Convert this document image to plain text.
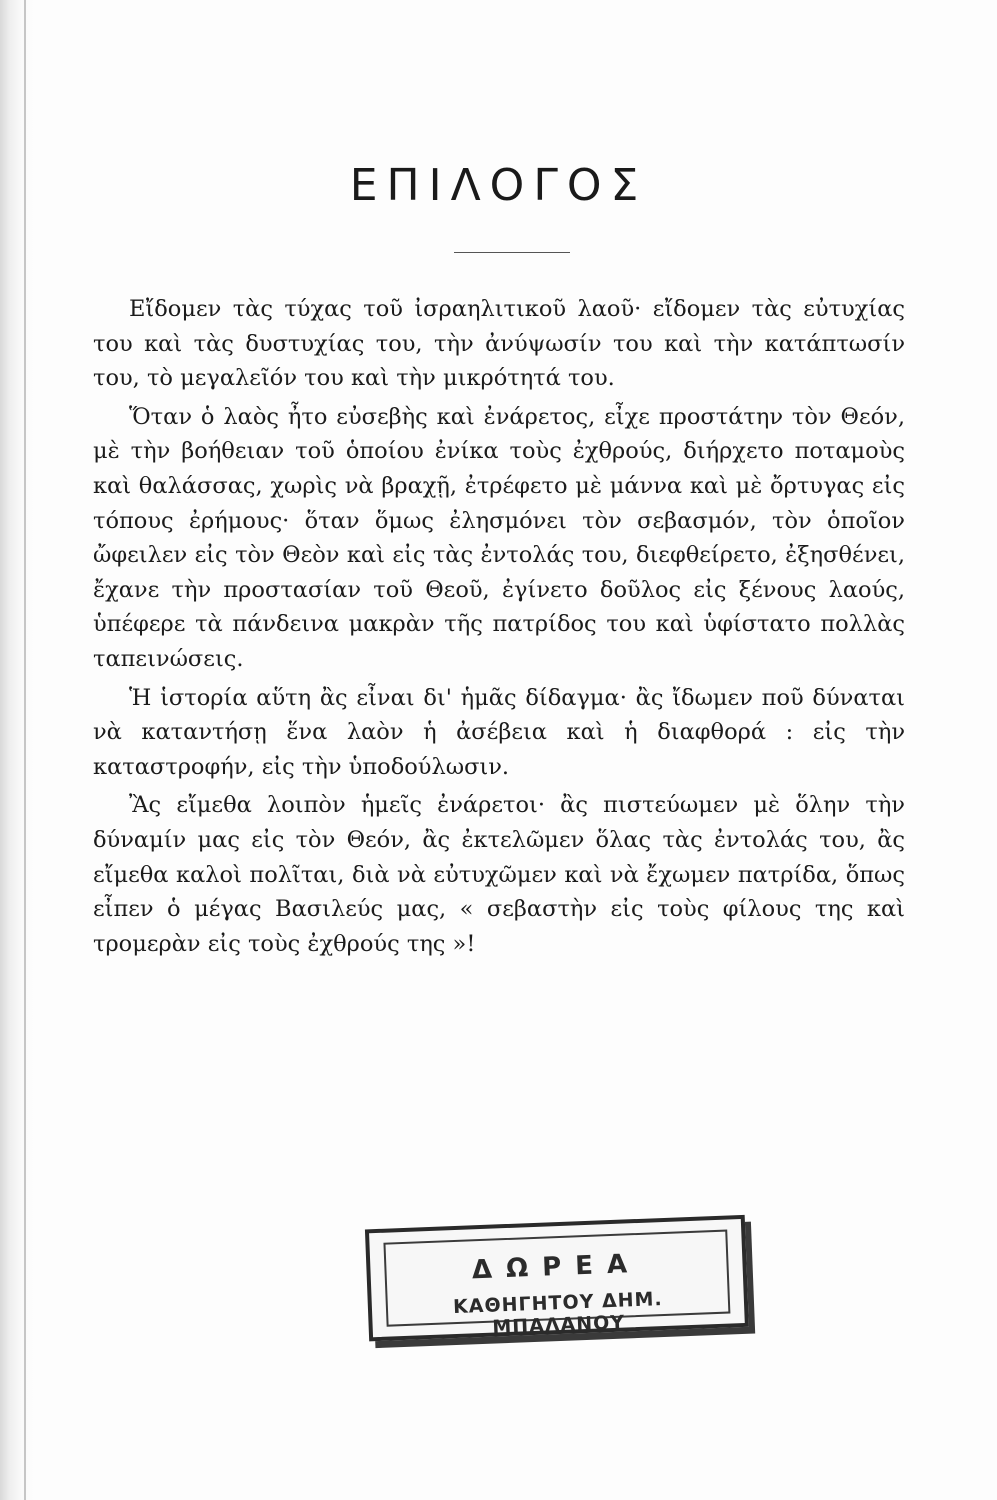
ΕΠΙΛΟΓΟΣ

Εἴδομεν τὰς τύχας τοῦ ἰσραηλιτικοῦ λαοῦ· εἴδομεν τὰς εὐτυχίας του καὶ τὰς δυστυχίας του, τὴν ἀνύψωσίν του καὶ τὴν κατάπτωσίν του, τὸ μεγαλεῖόν του καὶ τὴν μικρότητά του.

Ὅταν ὁ λαὸς ἦτο εὐσεβὴς καὶ ἐνάρετος, εἶχε προστάτην τὸν Θεόν, μὲ τὴν βοήθειαν τοῦ ὁποίου ἐνίκα τοὺς ἐχθρούς, διήρχετο ποταμοὺς καὶ θαλάσσας, χωρὶς νὰ βραχῇ, ἐτρέφετο μὲ μάννα καὶ μὲ ὄρτυγας εἰς τόπους ἐρήμους· ὅταν ὅμως ἐλησμόνει τὸν σεβασμόν, τὸν ὁποῖον ὤφειλεν εἰς τὸν Θεὸν καὶ εἰς τὰς ἐντολάς του, διεφθείρετο, ἐξησθένει, ἔχανε τὴν προστασίαν τοῦ Θεοῦ, ἐγίνετο δοῦλος εἰς ξένους λαούς, ὑπέφερε τὰ πάνδεινα μακρὰν τῆς πατρίδος του καὶ ὑφίστατο πολλὰς ταπεινώσεις.

Ἡ ἱστορία αὕτη ἂς εἶναι δι' ἡμᾶς δίδαγμα· ἂς ἴδωμεν ποῦ δύναται νὰ καταντήσῃ ἕνα λαὸν ἡ ἀσέβεια καὶ ἡ διαφθορά : εἰς τὴν καταστροφήν, εἰς τὴν ὑποδούλωσιν.

Ἂς εἴμεθα λοιπὸν ἡμεῖς ἐνάρετοι· ἂς πιστεύωμεν μὲ ὅλην τὴν δύναμίν μας εἰς τὸν Θεόν, ἂς ἐκτελῶμεν ὅλας τὰς ἐντολάς του, ἂς εἴμεθα καλοὶ πολῖται, διὰ νὰ εὐτυχῶμεν καὶ νὰ ἔχωμεν πατρίδα, ὅπως εἶπεν ὁ μέγας Βασιλεύς μας, « σεβαστὴν εἰς τοὺς φίλους της καὶ τρομερὰν εἰς τοὺς ἐχθρούς της »!

ΔΩΡΕΑ
ΚΑΘΗΓΗΤΟΥ ΔΗΜ. ΜΠΑΛΑΝΟΥ
